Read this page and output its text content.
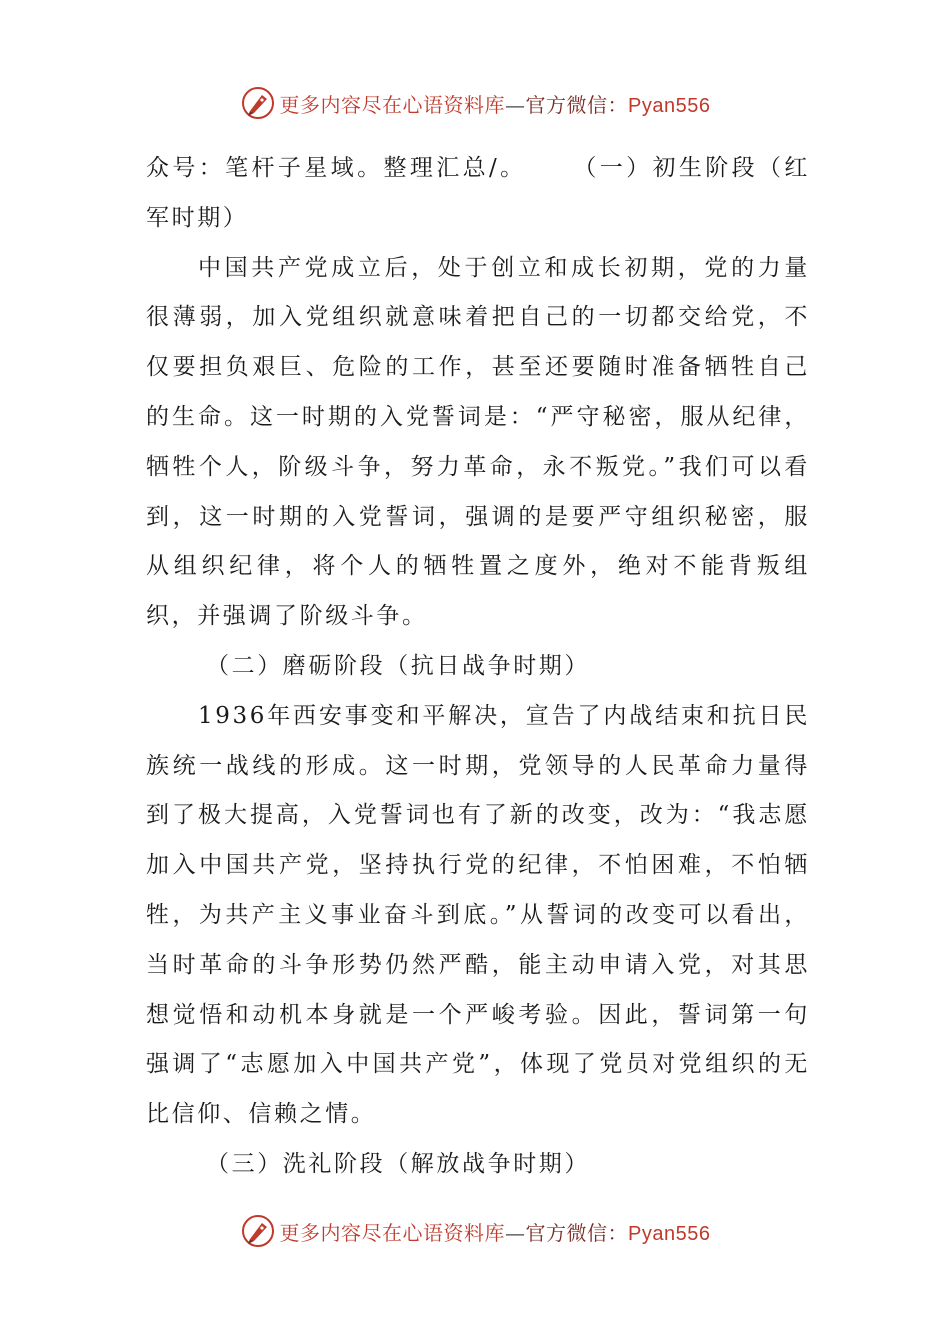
更多内容尽在心语资料库—官方微信：Pyan556

众号：笔杆子星域。整理汇总/。 （一）初生阶段（红军时期）

中国共产党成立后，处于创立和成长初期，党的力量很薄弱，加入党组织就意味着把自己的一切都交给党，不仅要担负艰巨、危险的工作，甚至还要随时准备牺牲自己的生命。这一时期的入党誓词是：“严守秘密，服从纪律，牺牲个人，阶级斗争，努力革命，永不叛党。”我们可以看到，这一时期的入党誓词，强调的是要严守组织秘密，服从组织纪律，将个人的牺牲置之度外，绝对不能背叛组织，并强调了阶级斗争。

（二）磨砺阶段（抗日战争时期）

1936年西安事变和平解决，宣告了内战结束和抗日民族统一战线的形成。这一时期，党领导的人民革命力量得到了极大提高，入党誓词也有了新的改变，改为：“我志愿加入中国共产党，坚持执行党的纪律，不怕困难，不怕牺牲，为共产主义事业奋斗到底。”从誓词的改变可以看出，当时革命的斗争形势仍然严酷，能主动申请入党，对其思想觉悟和动机本身就是一个严峻考验。因此，誓词第一句强调了“志愿加入中国共产党”，体现了党员对党组织的无比信仰、信赖之情。

（三）洗礼阶段（解放战争时期）

更多内容尽在心语资料库—官方微信：Pyan556
